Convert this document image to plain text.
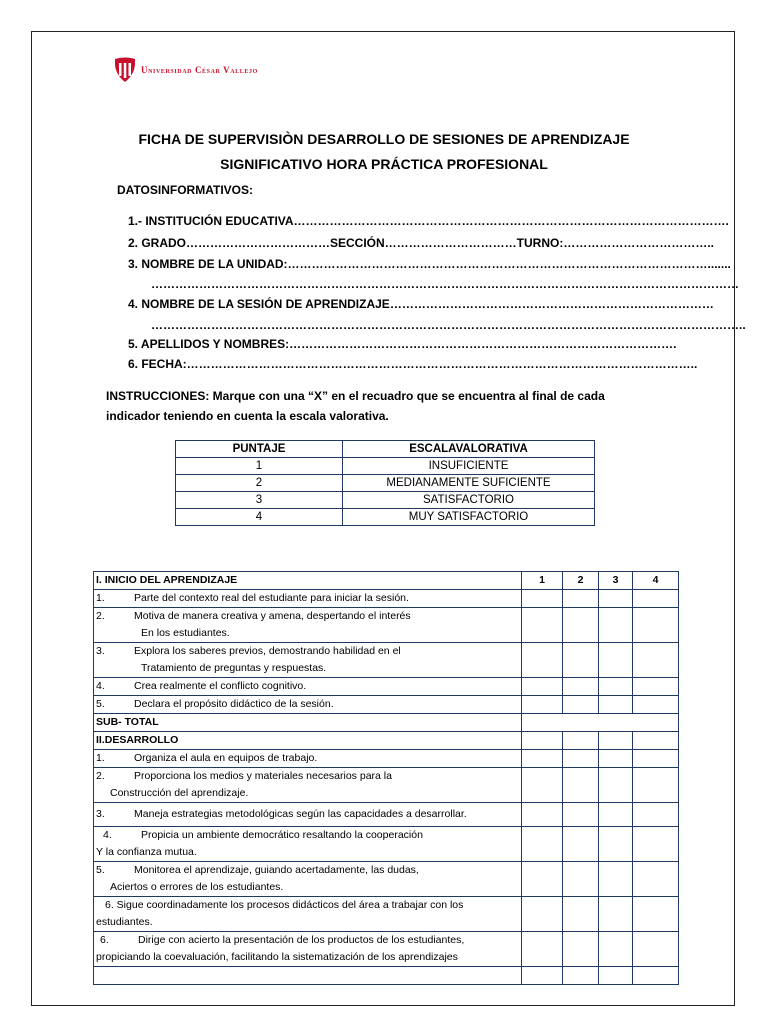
Universidad César Vallejo
FICHA DE SUPERVISIÒN DESARROLLO DE SESIONES DE APRENDIZAJE
SIGNIFICATIVO HORA PRÁCTICA PROFESIONAL
DATOSINFORMATIVOS:
1.- INSTITUCIÓN EDUCATIVA……………………………………………………………………………………………….
2. GRADO………………………………SECCIÓN……………………………TURNO:………………………………..
3. NOMBRE DE LA UNIDAD:…………………………………………………………………………………………….......
…………………………………………………………………………………………………………………………………
4. NOMBRE DE LA SESIÓN DE APRENDIZAJE………………………………………………………………………
…………………………………………………………………………………………………………………………………..
5. APELLIDOS Y NOMBRES:…………………………………………………………………………………….
6. FECHA:………………………………………………………………………………………………………………..
INSTRUCCIONES: Marque con una “X” en el recuadro que se encuentra al final de cada indicador teniendo en cuenta la escala valorativa.
PUNTAJE	ESCALAVALORATIVA
1	INSUFICIENTE
2	MEDIANAMENTE SUFICIENTE
3	SATISFACTORIO
4	MUY SATISFACTORIO
I. INICIO DEL APRENDIZAJE	1	2	3	4
1. Parte del contexto real del estudiante para iniciar la sesión.				
2. Motiva de manera creativa y amena, despertando el interés
En los estudiantes.				
3. Explora los saberes previos, demostrando habilidad en el
Tratamiento de preguntas y respuestas.				
4. Crea realmente el conflicto cognitivo.				
5. Declara el propósito didáctico de la sesión.				
SUB- TOTAL				
II.DESARROLLO				
1. Organiza el aula en equipos de trabajo.				
2. Proporciona los medios y materiales necesarios para la
Construcción del aprendizaje.				
3. Maneja estrategias metodológicas según las capacidades a desarrollar.				
4. Propicia un ambiente democrático resaltando la cooperación
Y la confianza mutua.				
5. Monitorea el aprendizaje, guiando acertadamente, las dudas,
Aciertos o errores de los estudiantes.				
6. Sigue coordinadamente los procesos didácticos del área a trabajar con los
estudiantes.				
6. Dirige con acierto la presentación de los productos de los estudiantes,
propiciando la coevaluación, facilitando la sistematización de los aprendizajes				
